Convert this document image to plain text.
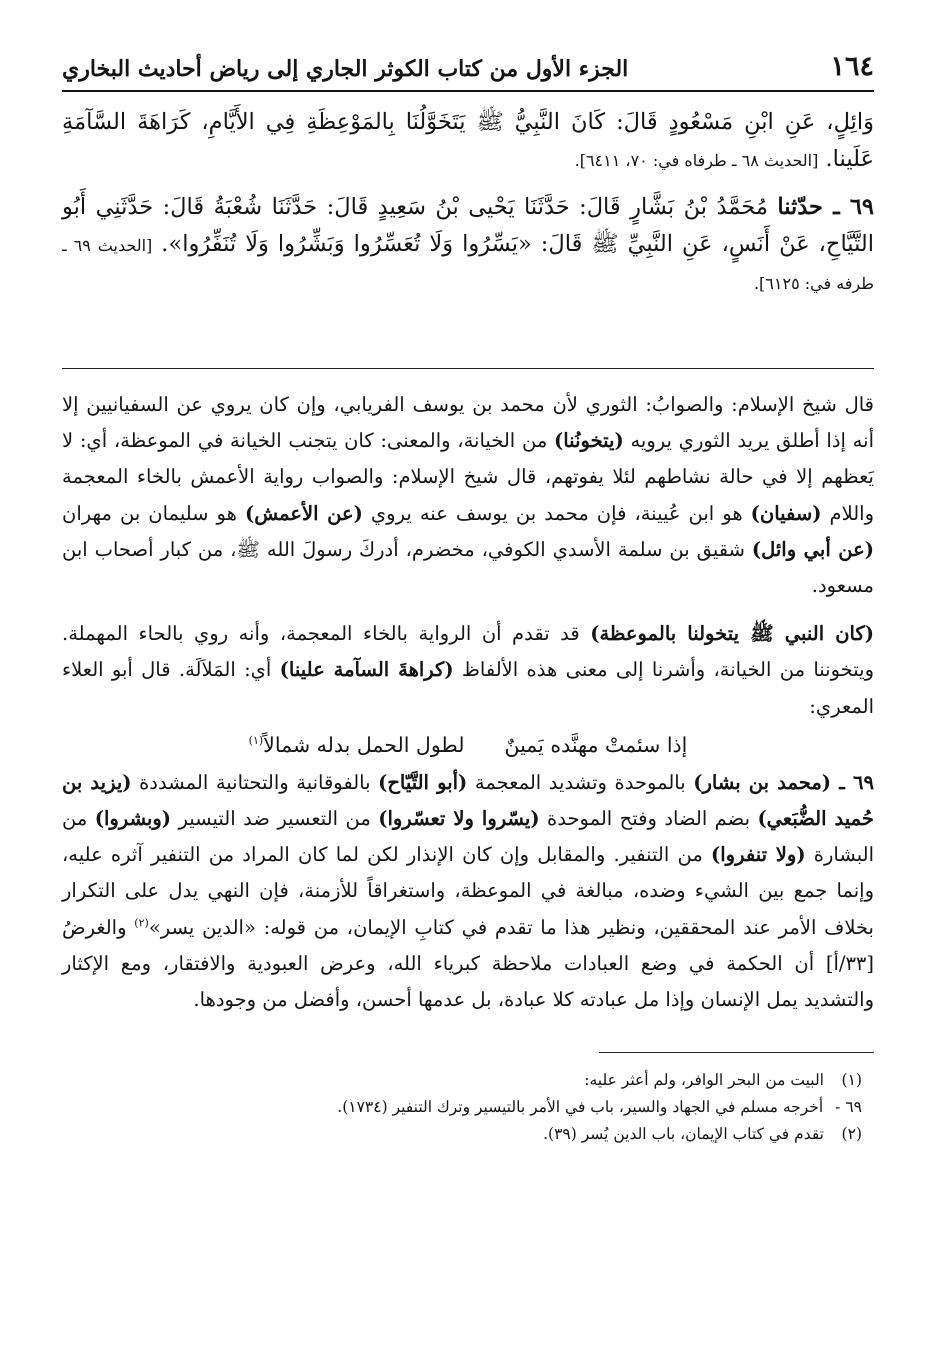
١٦٤
الجزء الأول من كتاب الكوثر الجاري إلى رياض أحاديث البخاري

وَائِلٍ، عَنِ ابْنِ مَسْعُودٍ قَالَ: كَانَ النَّبِيُّ ﷺ يَتَخَوَّلُنَا بِالمَوْعِظَةِ فِي الأَيَّامِ، كَرَاهَةَ السَّآمَةِ عَلَينا. [الحديث ٦٨ ـ طرفاه في: ٧٠، ٦٤١١].

٦٩ ـ حدّثنا مُحَمَّدُ بْنُ بَشَّارٍ قَالَ: حَدَّثَنَا يَحْيى بْنُ سَعِيدٍ قَالَ: حَدَّثَنَا شُعْبَةُ قَالَ: حَدَّثَنِي أَبُو التَّيَّاحِ، عَنْ أَنَسٍ، عَنِ النَّبِيِّ ﷺ قَالَ: «يَسِّرُوا وَلَا تُعَسِّرُوا وَبَشِّرُوا وَلَا تُنَفِّرُوا». [الحديث ٦٩ ـ طرفه في: ٦١٢٥].

قال شيخ الإسلام: والصوابُ: الثوري لأن محمد بن يوسف الفريابي، وإن كان يروي عن السفيانيين إلا أنه إذا أطلق يريد الثوري يرويه (يتخونُنا) من الخيانة، والمعنى: كان يتجنب الخيانة في الموعظة، أي: لا يَعظهم إلا في حالة نشاطهم لئلا يفوتهم، قال شيخ الإسلام: والصواب رواية الأعمش بالخاء المعجمة واللام (سفيان) هو ابن عُيينة، فإن محمد بن يوسف عنه يروي (عن الأعمش) هو سليمان بن مهران (عن أبي وائل) شقيق بن سلمة الأسدي الكوفي، مخضرم، أدركَ رسولَ الله ﷺ، من كبار أصحاب ابن مسعود.

(كان النبي ﷺ يتخولنا بالموعظة) قد تقدم أن الرواية بالخاء المعجمة، وأنه روي بالحاء المهملة. ويتخوننا من الخيانة، وأشرنا إلى معنى هذه الألفاظ (كراهةَ السآمة علينا) أي: المَلاَلَة. قال أبو العلاء المعري:

إذا سئمتْ مهنَّده يَمينٌ
لطول الحمل بدله شمالاً$^{(١)}$

٦٩ ـ (محمد بن بشار) بالموحدة وتشديد المعجمة (أبو التَّيّاح) بالفوقانية والتحتانية المشددة (يزيد بن حُميد الضُّبَعي) بضم الضاد وفتح الموحدة (يسّروا ولا تعسّروا) من التعسير ضد التيسير (وبشروا) من البشارة (ولا تنفروا) من التنفير. والمقابل وإن كان الإنذار لكن لما كان المراد من التنفير آثره عليه، وإنما جمع بين الشيء وضده، مبالغة في الموعظة، واستغراقاً للأزمنة، فإن النهي يدل على التكرار بخلاف الأمر عند المحققين، ونظير هذا ما تقدم في كتابِ الإيمان، من قوله: «الدين يسر»$^{(٢)}$ والغرضُ [٣٣/أ] أن الحكمة في وضع العبادات ملاحظة كبرياء الله، وعرض العبودية والافتقار، ومع الإكثار والتشديد يمل الإنسان وإذا مل عبادته كلا عبادة، بل عدمها أحسن، وأفضل من وجودها.

(١)
البيت من البحر الوافر، ولم أعثر عليه:
٦٩ -
أخرجه مسلم في الجهاد والسير، باب في الأمر بالتيسير وترك التنفير (١٧٣٤).
(٢)
تقدم في كتاب الإيمان، باب الدين يُسر (٣٩).
